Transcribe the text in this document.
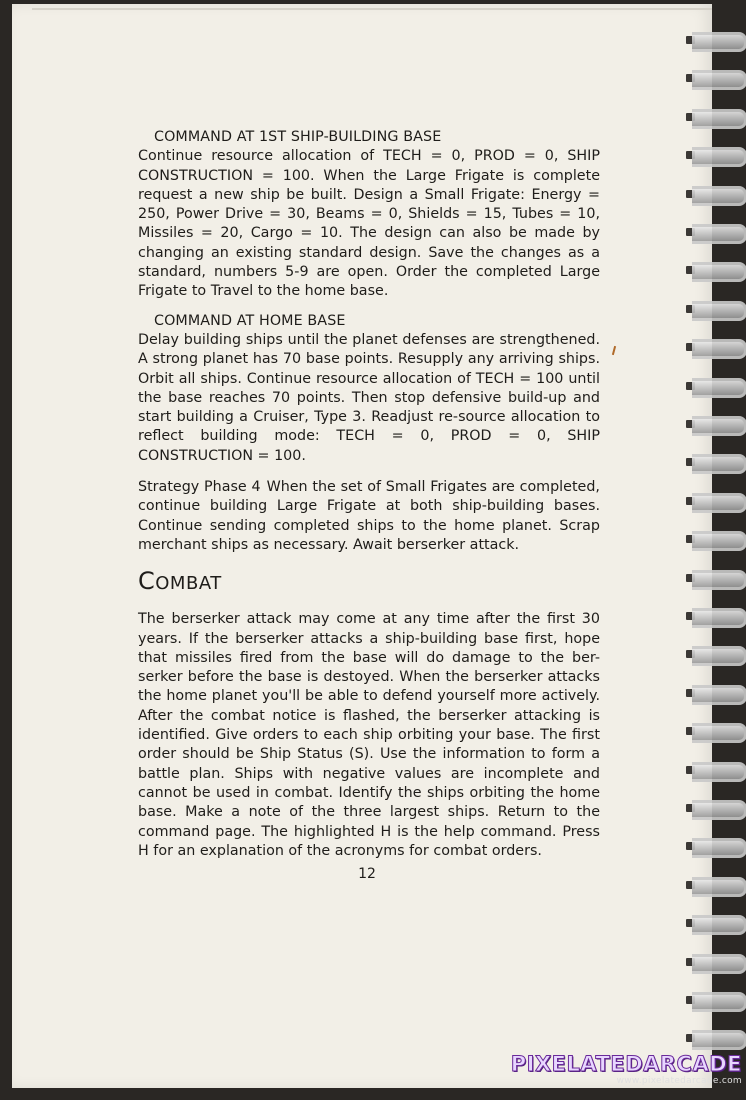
COMMAND AT 1ST SHIP-BUILDING BASE

Continue resource allocation of TECH = 0, PROD = 0, SHIP CONSTRUCTION = 100. When the Large Frigate is complete request a new ship be built. Design a Small Frigate: Energy = 250, Power Drive = 30, Beams = 0, Shields = 15, Tubes = 10, Missiles = 20, Cargo = 10. The design can also be made by changing an existing standard design. Save the changes as a standard, numbers 5-9 are open. Order the completed Large Frigate to Travel to the home base.

COMMAND AT HOME BASE

Delay building ships until the planet defenses are strengthened. A strong planet has 70 base points. Resupply any arriving ships. Orbit all ships. Continue resource allocation of TECH = 100 until the base reaches 70 points. Then stop defensive build-up and start building a Cruiser, Type 3. Readjust re-source allocation to reflect building mode: TECH = 0, PROD = 0, SHIP CONSTRUCTION = 100.

Strategy Phase 4 When the set of Small Frigates are completed, continue building Large Frigate at both ship-building bases. Continue sending completed ships to the home planet. Scrap merchant ships as necessary. Await berserker attack.

COMBAT

The berserker attack may come at any time after the first 30 years. If the berserker attacks a ship-building base first, hope that missiles fired from the base will do damage to the ber-serker before the base is destoyed. When the berserker attacks the home planet you'll be able to defend yourself more actively. After the combat notice is flashed, the berserker attacking is identified. Give orders to each ship orbiting your base. The first order should be Ship Status (S). Use the information to form a battle plan. Ships with negative values are incomplete and cannot be used in combat. Identify the ships orbiting the home base. Make a note of the three largest ships. Return to the command page. The highlighted H is the help command. Press H for an explanation of the acronyms for combat orders.

12
PIXELATEDARCADE
www.pixelatedarcade.com
